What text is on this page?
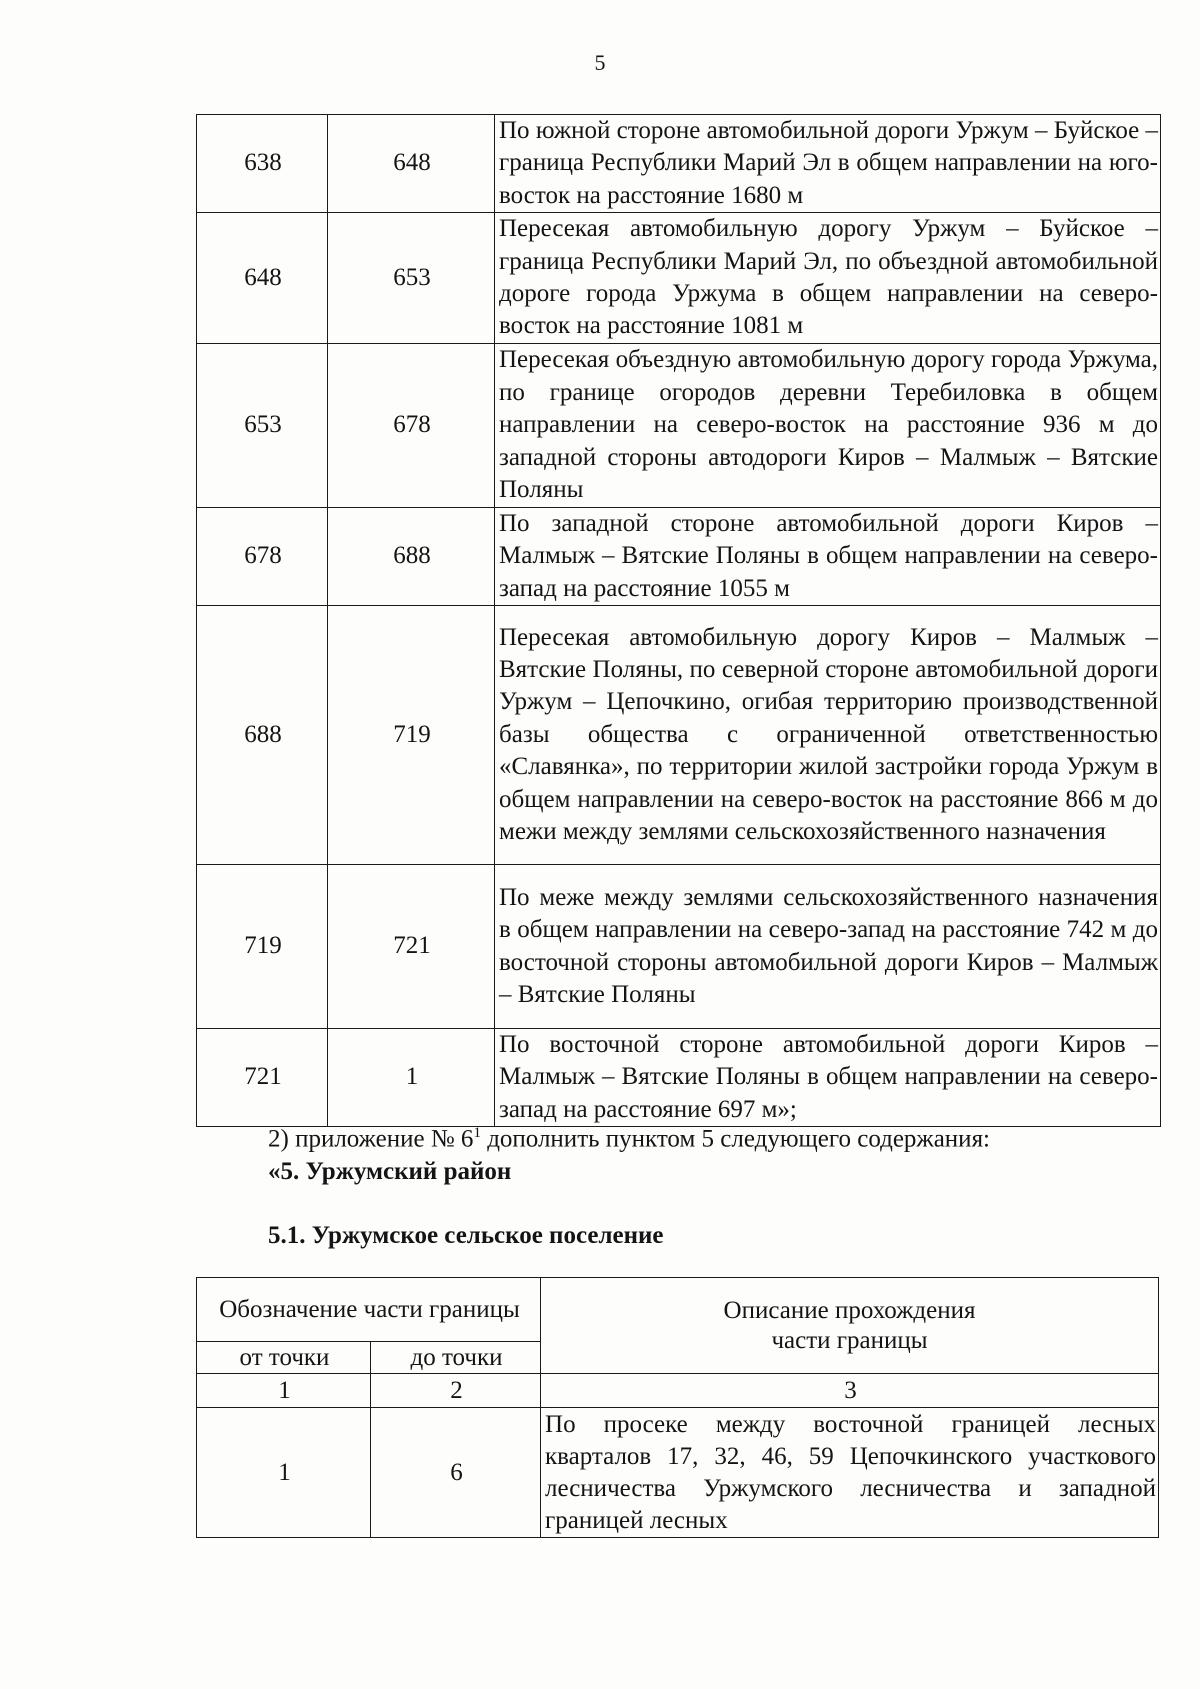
5
638	648	По южной стороне автомобильной дороги Уржум – Буйское – граница Республики Марий Эл в общем направлении на юго-восток на расстояние 1680 м
648	653	Пересекая автомобильную дорогу Уржум – Буйское – граница Республики Марий Эл, по объездной автомобильной дороге города Уржума в общем направлении на северо-восток на расстояние 1081 м
653	678	Пересекая объездную автомобильную дорогу города Уржума, по границе огородов деревни Теребиловка в общем направлении на северо-восток на расстояние 936 м до западной стороны автодороги Киров – Малмыж – Вятские Поляны
678	688	По западной стороне автомобильной дороги Киров – Малмыж – Вятские Поляны в общем направлении на северо-запад на расстояние 1055 м
688	719	Пересекая автомобильную дорогу Киров – Малмыж – Вятские Поляны, по северной стороне автомобильной дороги Уржум – Цепочкино, огибая территорию производственной базы общества с ограниченной ответственностью «Славянка», по территории жилой застройки города Уржум в общем направлении на северо-восток на расстояние 866 м до межи между землями сельскохозяйственного назначения
719	721	По меже между землями сельскохозяйственного назначения в общем направлении на северо-запад на расстояние 742 м до восточной стороны автомобильной дороги Киров – Малмыж – Вятские Поляны
721	1	По восточной стороне автомобильной дороги Киров – Малмыж – Вятские Поляны в общем направлении на северо-запад на расстояние 697 м»;
2) приложение № $6^1$ дополнить пунктом 5 следующего содержания:
«5. Уржумский район
5.1. Уржумское сельское поселение
Обозначение части границы		Описание прохождения части границы
от точки	до точки	
1	2	3
1	6	По просеке между восточной границей лесных кварталов 17, 32, 46, 59 Цепочкинского участкового лесничества Уржумского лесничества и западной границей лесных
